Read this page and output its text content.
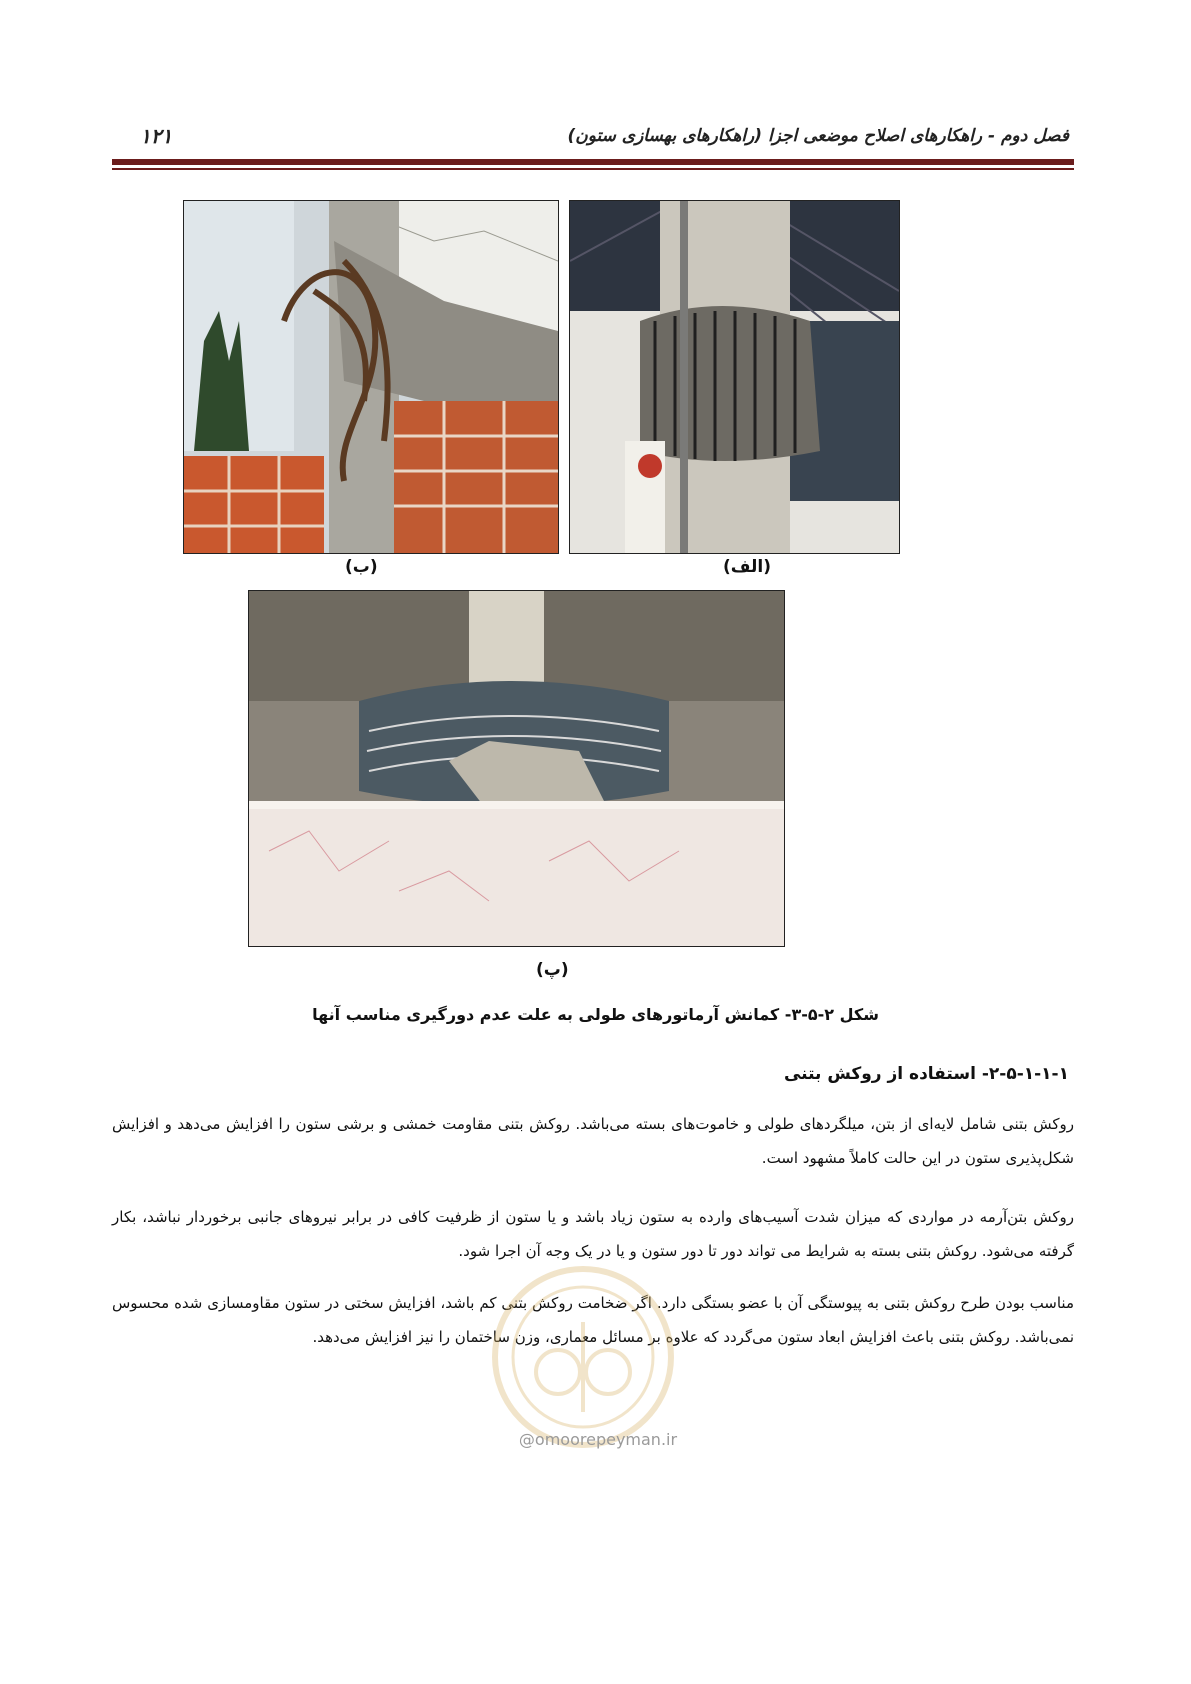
فصل دوم - راهکارهای اصلاح موضعی اجزا (راهکارهای بهسازی ستون)
۱۲۱
(ب)	(الف)
(پ)
شکل ۲-۵-۳- کمانش آرماتورهای طولی به علت عدم دورگیری مناسب آنها
۲-۵-۱-۱-۱- استفاده از روکش بتنی

روکش بتنی شامل لایه‌ای از بتن، میلگردهای طولی و خاموت‌های بسته می‌باشد. روکش بتنی مقاومت خمشی و برشی ستون را افزایش می‌دهد و افزایش شکل‌پذیری ستون در این حالت کاملاً مشهود است.

روکش بتن‌آرمه در مواردی که میزان شدت آسیب‌های وارده به ستون زیاد باشد و یا ستون از ظرفیت کافی در برابر نیروهای جانبی برخوردار نباشد، بکار گرفته می‌شود. روکش بتنی بسته به شرایط می تواند دور تا دور ستون و یا در یک وجه آن اجرا شود.

مناسب بودن طرح روکش بتنی به پیوستگی آن با عضو بستگی دارد. اگر ضخامت روکش بتنی کم باشد، افزایش سختی در ستون مقاومسازی شده محسوس نمی‌باشد. روکش بتنی باعث افزایش ابعاد ستون می‌گردد که علاوه بر مسائل معماری، وزن ساختمان را نیز افزایش می‌دهد.

@omoorepeyman.ir
